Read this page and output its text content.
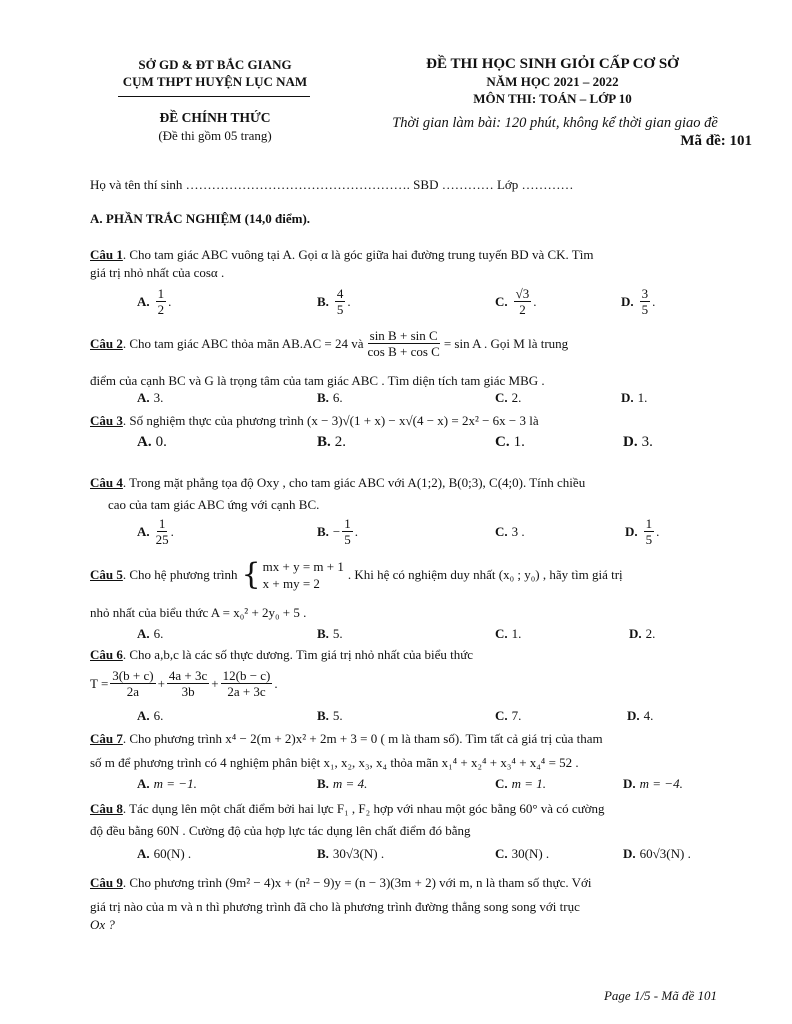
SỞ GD & ĐT BẮC GIANG
CỤM THPT HUYỆN LỤC NAM
ĐỀ CHÍNH THỨC
(Đề thi gồm 05 trang)
ĐỀ THI HỌC SINH GIỎI CẤP CƠ SỞ
NĂM HỌC 2021 – 2022
MÔN THI: TOÁN – LỚP 10
Thời gian làm bài: 120 phút, không kể thời gian giao đề
Mã đề: 101
Họ và tên thí sinh ……………………………………………. SBD ………… Lớp …………
A. PHẦN TRẮC NGHIỆM (14,0 điểm).
Câu 1. Cho tam giác ABC vuông tại A. Gọi α là góc giữa hai đường trung tuyến BD và CK. Tìm
giá trị nhỏ nhất của cosα .
A. $\frac{1}{2}$ .	B. $\frac{4}{5}$ .	C. $\frac{√3}{2}$ .	D. $\frac{3}{5}$ .
Câu 2 . Cho tam giác ABC thỏa mãn AB.AC = 24 và $\frac{\text{sin B + sin C}}{\text{cos B + cos C}} = \sin A$ . Gọi M là trung
điểm của cạnh BC và G là trọng tâm của tam giác ABC . Tìm diện tích tam giác MBG .
A. 3.	B. 6.	C. 2.	D. 1.
Câu 3. Số nghiệm thực của phương trình (x − 3)√(1 + x) − x√(4 − x) = 2x² − 6x − 3 là
A. 0.	B. 2.	C. 1.	D. 3.
Câu 4. Trong mặt phẳng tọa độ Oxy , cho tam giác ABC với A(1;2), B(0;3), C(4;0). Tính chiều
cao của tam giác ABC ứng với cạnh BC.
A. $\frac{1}{25}$ .	B. − $\frac{1}{5}$ .	C. 3 .	D. $\frac{1}{5}$ .
Câu 5 . Cho hệ phương trình { mx + y = m + 1
x + my = 2
. Khi hệ có nghiệm duy nhất (x₀ ; y₀) , hãy tìm giá trị
nhỏ nhất của biểu thức A = x₀² + 2y₀ + 5 .
A. 6.	B. 5.	C. 1.	D. 2.
Câu 6. Cho a,b,c là các số thực dương. Tìm giá trị nhỏ nhất của biểu thức
$T = \frac{3(b + c)}{2a} + \frac{4a + 3c}{3b} + \frac{12(b - c)}{2a + 3c}$ .
A. 6.	B. 5.	C. 7.	D. 4.
Câu 7. Cho phương trình x⁴ − 2(m + 2)x² + 2m + 3 = 0 ( m là tham số). Tìm tất cả giá trị của tham
số m để phương trình có 4 nghiệm phân biệt x₁, x₂, x₃, x₄ thỏa mãn x₁⁴ + x₂⁴ + x₃⁴ + x₄⁴ = 52 .
A. m = −1.	B. m = 4.	C. m = 1.	D. m = −4.
Câu 8. Tác dụng lên một chất điểm bởi hai lực F₁ , F₂ hợp với nhau một góc bằng 60° và có cường
độ đều bằng 60N . Cường độ của hợp lực tác dụng lên chất điểm đó bằng
A. 60(N) .	B. 30√3(N) .	C. 30(N) .	D. 60√3(N) .
Câu 9. Cho phương trình (9m² − 4)x + (n² − 9)y = (n − 3)(3m + 2) với m, n là tham số thực. Với
giá trị nào của m và n thì phương trình đã cho là phương trình đường thẳng song song với trục
Ox ?
Page 1/5 - Mã đề 101
